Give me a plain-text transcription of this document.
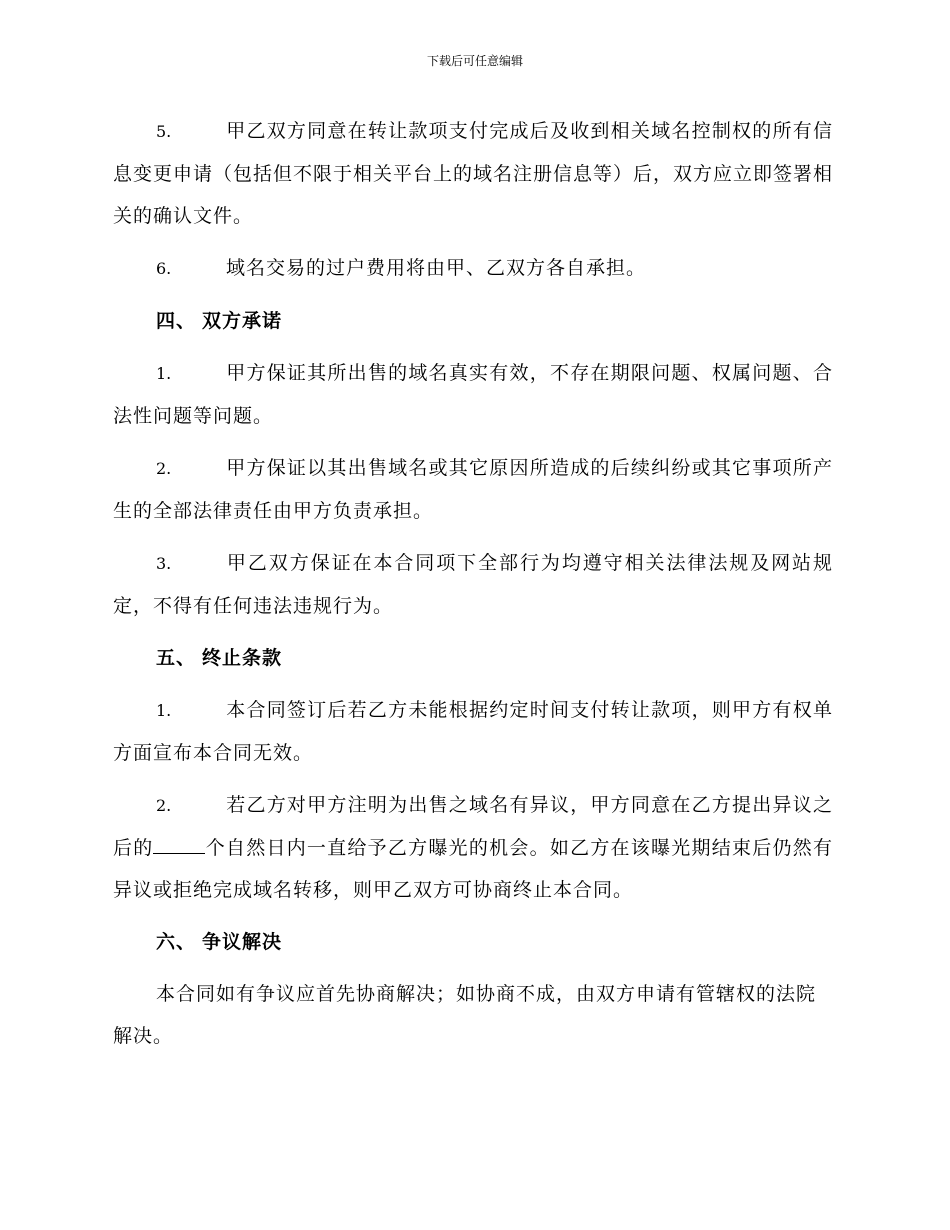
下载后可任意编辑

5.	甲乙双方同意在转让款项支付完成后及收到相关域名控制权的所有信息变更申请（包括但不限于相关平台上的域名注册信息等）后，双方应立即签署相关的确认文件。

6.	域名交易的过户费用将由甲、乙双方各自承担。

四、 双方承诺

1.	甲方保证其所出售的域名真实有效，不存在期限问题、权属问题、合法性问题等问题。

2.	甲方保证以其出售域名或其它原因所造成的后续纠纷或其它事项所产生的全部法律责任由甲方负责承担。

3.	甲乙双方保证在本合同项下全部行为均遵守相关法律法规及网站规定，不得有任何违法违规行为。

五、 终止条款

1.	本合同签订后若乙方未能根据约定时间支付转让款项，则甲方有权单方面宣布本合同无效。

2.	若乙方对甲方注明为出售之域名有异议，甲方同意在乙方提出异议之后的	个自然日内一直给予乙方曝光的机会。如乙方在该曝光期结束后仍然有异议或拒绝完成域名转移，则甲乙双方可协商终止本合同。

六、 争议解决

本合同如有争议应首先协商解决；如协商不成，由双方申请有管辖权的法院解决。
